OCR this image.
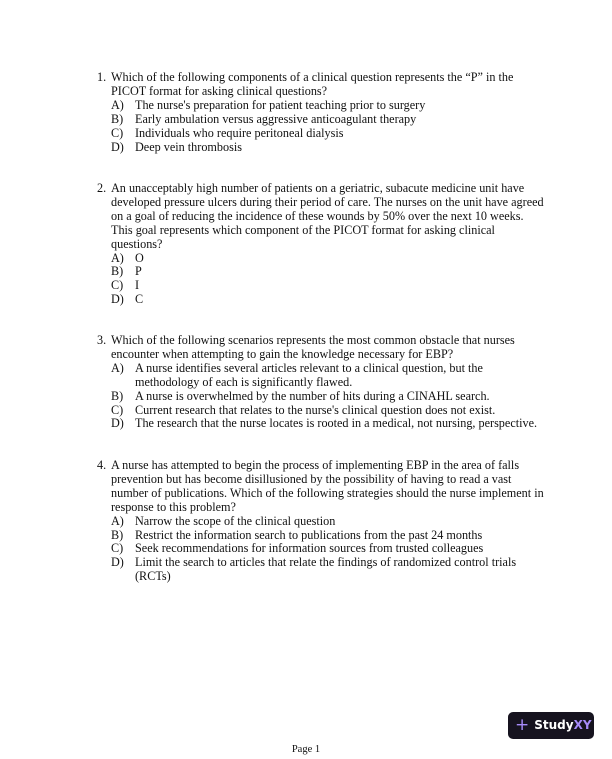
1. Which of the following components of a clinical question represents the “P” in the PICOT format for asking clinical questions?
A) The nurse's preparation for patient teaching prior to surgery
B) Early ambulation versus aggressive anticoagulant therapy
C) Individuals who require peritoneal dialysis
D) Deep vein thrombosis
2. An unacceptably high number of patients on a geriatric, subacute medicine unit have developed pressure ulcers during their period of care. The nurses on the unit have agreed on a goal of reducing the incidence of these wounds by 50% over the next 10 weeks. This goal represents which component of the PICOT format for asking clinical questions?
A) O
B) P
C) I
D) C
3. Which of the following scenarios represents the most common obstacle that nurses encounter when attempting to gain the knowledge necessary for EBP?
A) A nurse identifies several articles relevant to a clinical question, but the methodology of each is significantly flawed.
B) A nurse is overwhelmed by the number of hits during a CINAHL search.
C) Current research that relates to the nurse's clinical question does not exist.
D) The research that the nurse locates is rooted in a medical, not nursing, perspective.
4. A nurse has attempted to begin the process of implementing EBP in the area of falls prevention but has become disillusioned by the possibility of having to read a vast number of publications. Which of the following strategies should the nurse implement in response to this problem?
A) Narrow the scope of the clinical question
B) Restrict the information search to publications from the past 24 months
C) Seek recommendations for information sources from trusted colleagues
D) Limit the search to articles that relate the findings of randomized control trials (RCTs)
+ Study XY
Page 1
